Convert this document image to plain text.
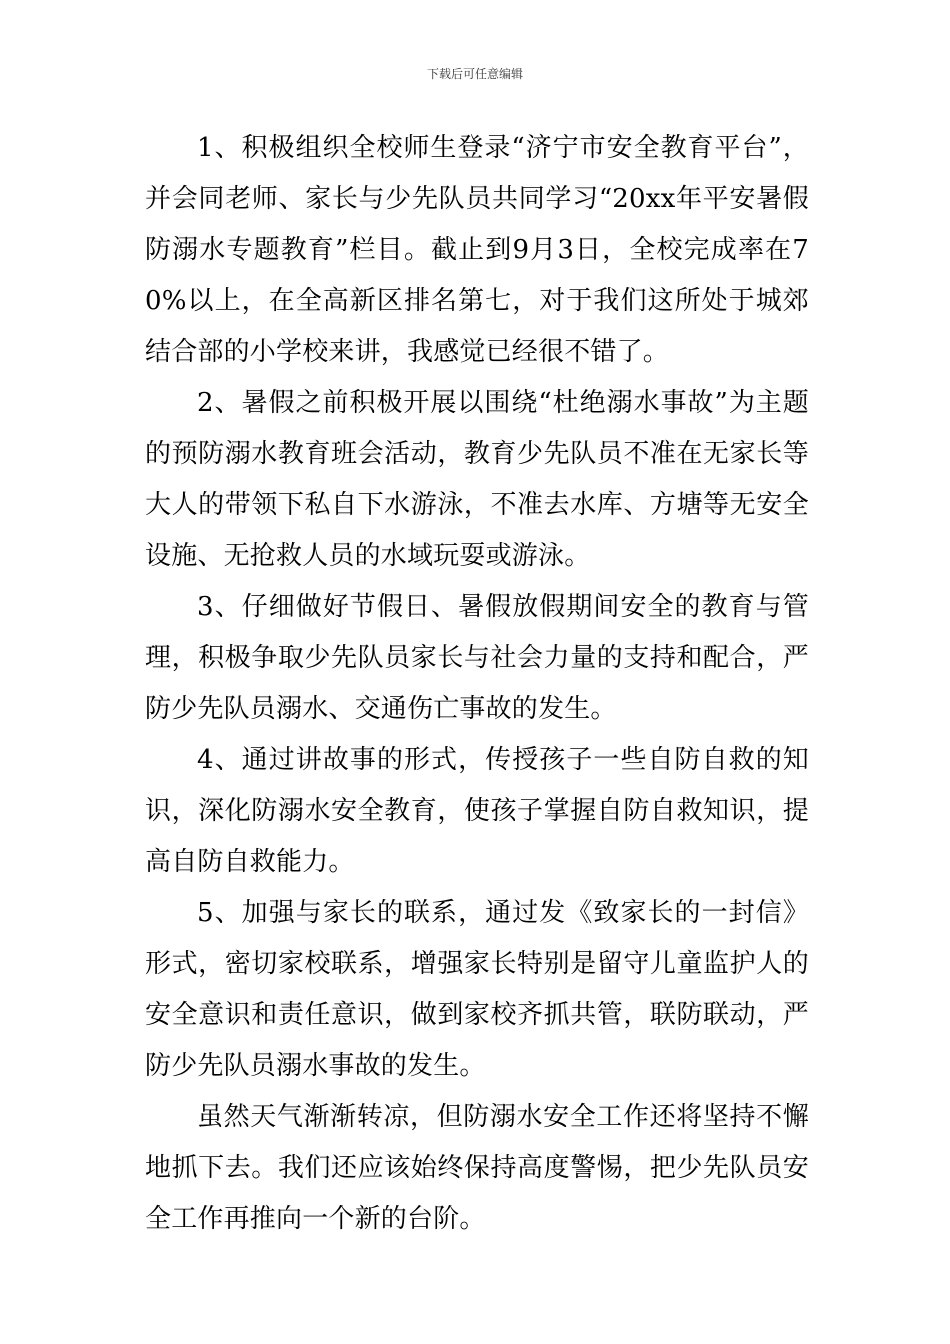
下载后可任意编辑

1、积极组织全校师生登录“济宁市安全教育平台”，并会同老师、家长与少先队员共同学习“20xx年平安暑假防溺水专题教育”栏目。截止到9月3日，全校完成率在70%以上，在全高新区排名第七，对于我们这所处于城郊结合部的小学校来讲，我感觉已经很不错了。

2、暑假之前积极开展以围绕“杜绝溺水事故”为主题的预防溺水教育班会活动，教育少先队员不准在无家长等大人的带领下私自下水游泳，不准去水库、方塘等无安全设施、无抢救人员的水域玩耍或游泳。

3、仔细做好节假日、暑假放假期间安全的教育与管理，积极争取少先队员家长与社会力量的支持和配合，严防少先队员溺水、交通伤亡事故的发生。

4、通过讲故事的形式，传授孩子一些自防自救的知识，深化防溺水安全教育，使孩子掌握自防自救知识，提高自防自救能力。

5、加强与家长的联系，通过发《致家长的一封信》形式，密切家校联系，增强家长特别是留守儿童监护人的安全意识和责任意识，做到家校齐抓共管，联防联动，严防少先队员溺水事故的发生。

虽然天气渐渐转凉，但防溺水安全工作还将坚持不懈地抓下去。我们还应该始终保持高度警惕，把少先队员安全工作再推向一个新的台阶。
